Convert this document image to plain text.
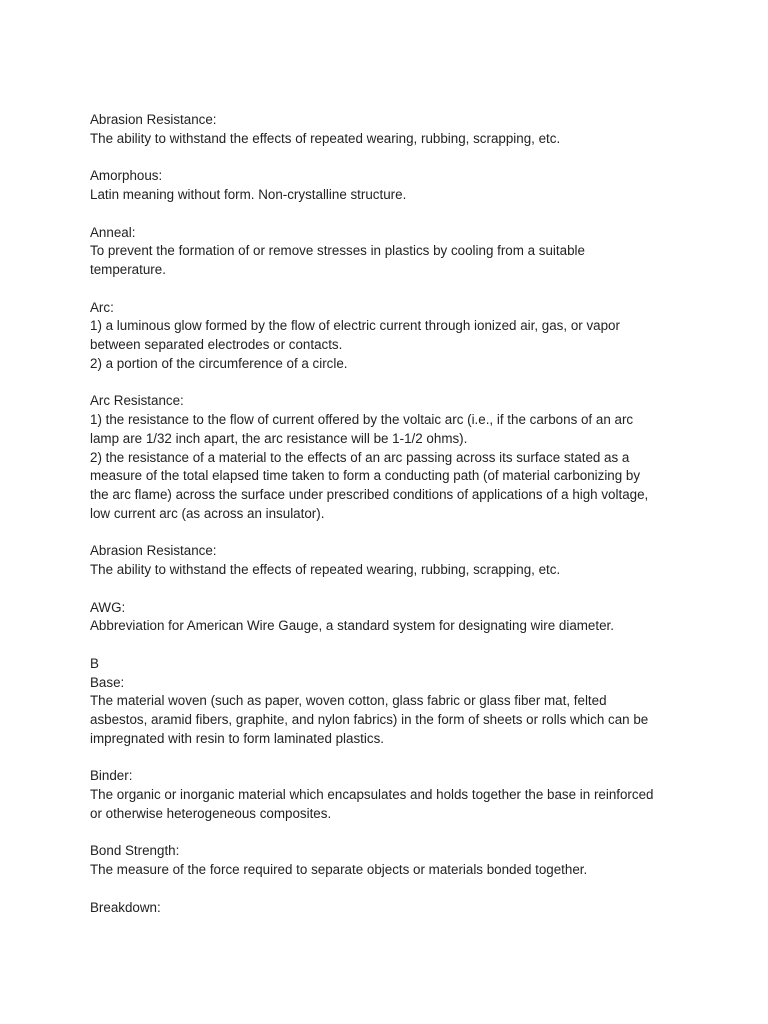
Abrasion Resistance:
The ability to withstand the effects of repeated wearing, rubbing, scrapping, etc.
Amorphous:
Latin meaning without form. Non-crystalline structure.
Anneal:
To prevent the formation of or remove stresses in plastics by cooling from a suitable
temperature.
Arc:
1) a luminous glow formed by the flow of electric current through ionized air, gas, or vapor
between separated electrodes or contacts.
2) a portion of the circumference of a circle.
Arc Resistance:
1) the resistance to the flow of current offered by the voltaic arc (i.e., if the carbons of an arc
lamp are 1/32 inch apart, the arc resistance will be 1-1/2 ohms).
2) the resistance of a material to the effects of an arc passing across its surface stated as a
measure of the total elapsed time taken to form a conducting path (of material carbonizing by
the arc flame) across the surface under prescribed conditions of applications of a high voltage,
low current arc (as across an insulator).
Abrasion Resistance:
The ability to withstand the effects of repeated wearing, rubbing, scrapping, etc.
AWG:
Abbreviation for American Wire Gauge, a standard system for designating wire diameter.
B
Base:
The material woven (such as paper, woven cotton, glass fabric or glass fiber mat, felted
asbestos, aramid fibers, graphite, and nylon fabrics) in the form of sheets or rolls which can be
impregnated with resin to form laminated plastics.
Binder:
The organic or inorganic material which encapsulates and holds together the base in reinforced
or otherwise heterogeneous composites.
Bond Strength:
The measure of the force required to separate objects or materials bonded together.
Breakdown:
